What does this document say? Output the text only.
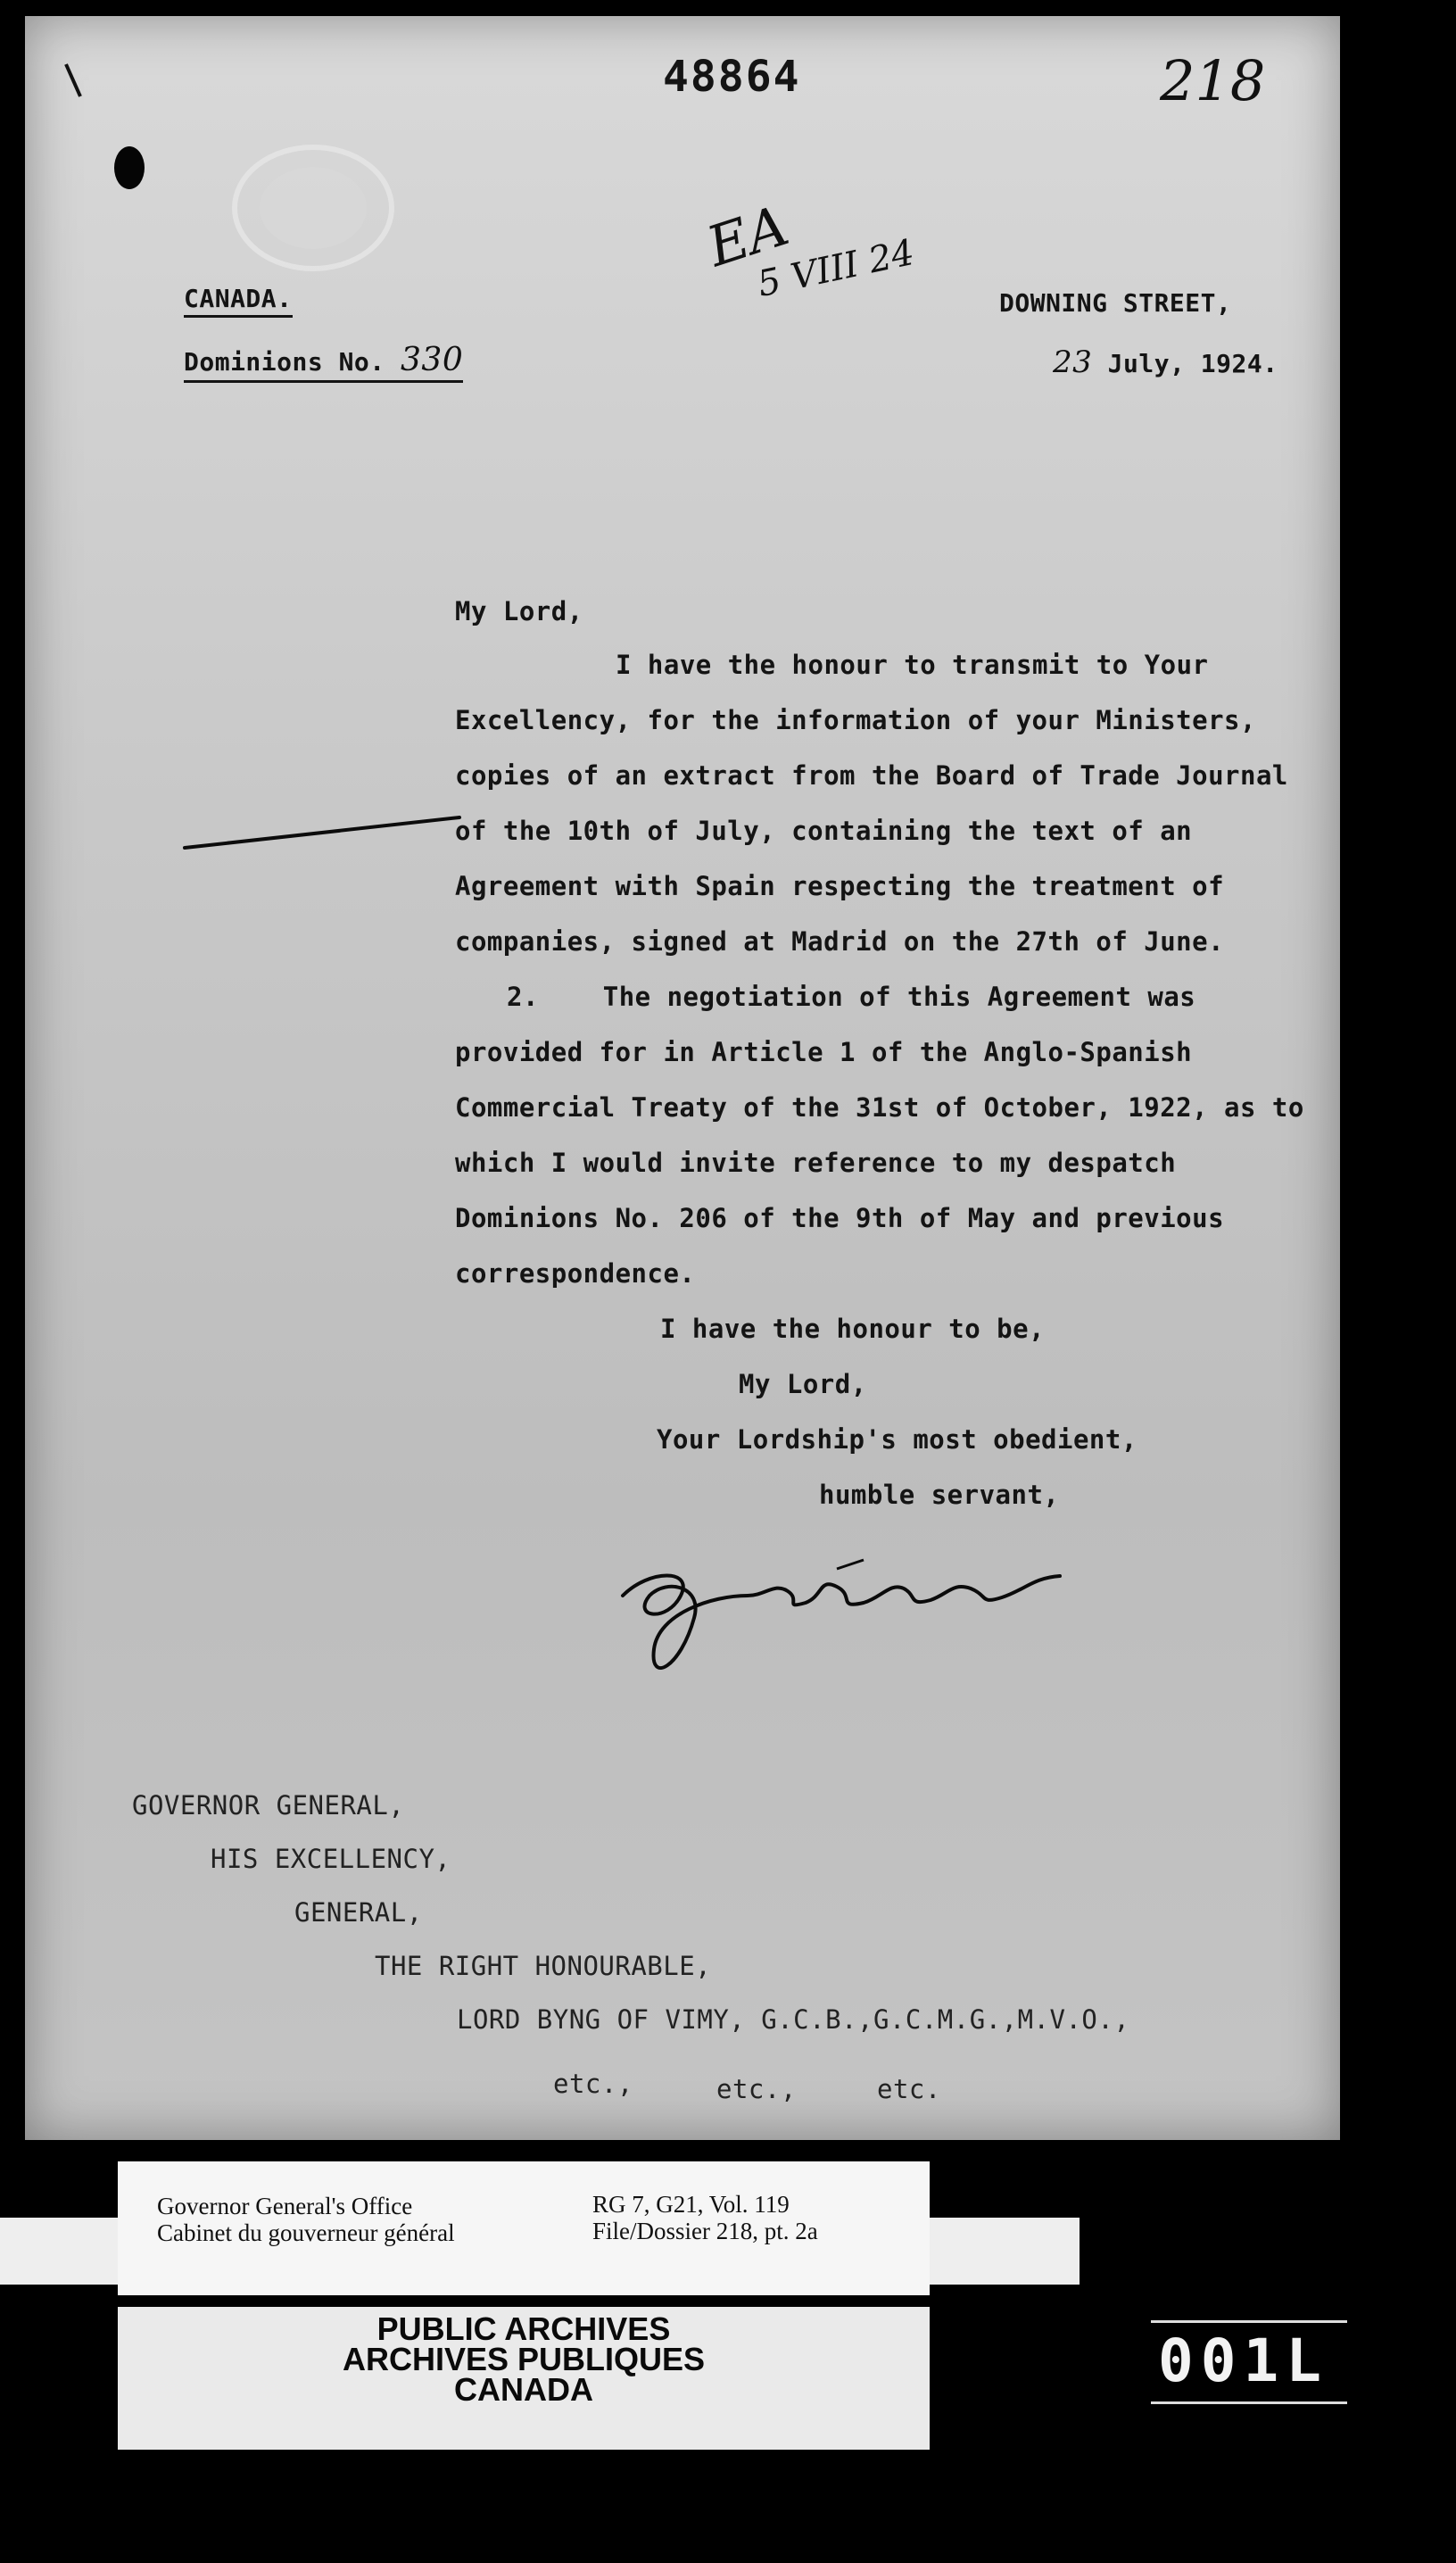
48864	218
EA
5 VIII 24
CANADA.
Dominions No. 330
DOWNING STREET,
23 July, 1924.
My Lord,
I have the honour to transmit to Your
Excellency, for the information of your Ministers,
copies of an extract from the Board of Trade Journal
of the 10th of July, containing the text of an
Agreement with Spain respecting the treatment of
companies, signed at Madrid on the 27th of June.
2.    The negotiation of this Agreement was
provided for in Article 1 of the Anglo-Spanish
Commercial Treaty of the 31st of October, 1922, as to
which I would invite reference to my despatch
Dominions No. 206 of the 9th of May and previous
correspondence.
I have the honour to be,
My Lord,
Your Lordship's most obedient,
humble servant,
GOVERNOR GENERAL,
HIS EXCELLENCY,
GENERAL,
THE RIGHT HONOURABLE,
LORD BYNG OF VIMY, G.C.B.,G.C.M.G.,M.V.O.,
etc.,	etc.,	etc.
Governor General's Office
Cabinet du gouverneur général
RG 7, G21, Vol. 119
File/Dossier 218, pt. 2a
PUBLIC ARCHIVES
ARCHIVES PUBLIQUES
CANADA	001L
